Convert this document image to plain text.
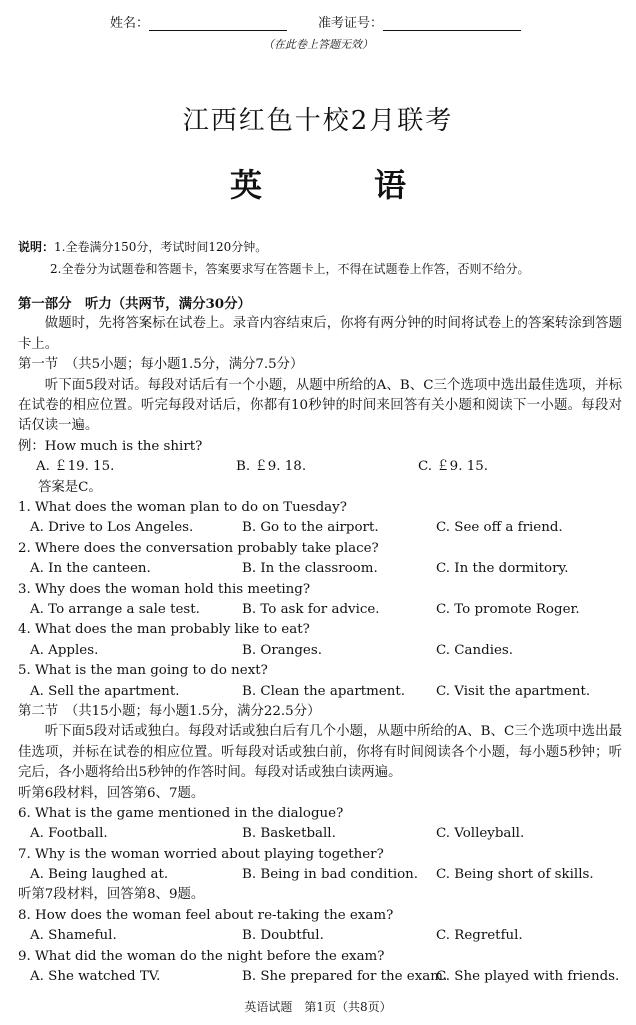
姓名：	准考证号：
（在此卷上答题无效）
江西红色十校2月联考
英　语
说明：1.全卷满分150分，考试时间120分钟。
2.全卷分为试题卷和答题卡，答案要求写在答题卡上，不得在试题卷上作答，否则不给分。
第一部分　听力（共两节，满分30分）
做题时，先将答案标在试卷上。录音内容结束后，你将有两分钟的时间将试卷上的答案转涂到答题卡上。
第一节　（共5小题；每小题1.5分，满分7.5分）
听下面5段对话。每段对话后有一个小题，从题中所给的A、B、C三个选项中选出最佳选项，并标在试卷的相应位置。听完每段对话后，你都有10秒钟的时间来回答有关小题和阅读下一小题。每段对话仅读一遍。
例：How much is the shirt?
A. ￡19. 15.	B. ￡9. 18.	C. ￡9. 15.
答案是C。
1. What does the woman plan to do on Tuesday?
A. Drive to Los Angeles.	B. Go to the airport.	C. See off a friend.
2. Where does the conversation probably take place?
A. In the canteen.	B. In the classroom.	C. In the dormitory.
3. Why does the woman hold this meeting?
A. To arrange a sale test.	B. To ask for advice.	C. To promote Roger.
4. What does the man probably like to eat?
A. Apples.	B. Oranges.	C. Candies.
5. What is the man going to do next?
A. Sell the apartment.	B. Clean the apartment. C. Visit the apartment.
第二节　（共15小题；每小题1.5分，满分22.5分）
听下面5段对话或独白。每段对话或独白后有几个小题，从题中所给的A、B、C三个选项中选出最佳选项，并标在试卷的相应位置。听每段对话或独白前，你将有时间阅读各个小题，每小题5秒钟；听完后，各小题将给出5秒钟的作答时间。每段对话或独白读两遍。
听第6段材料，回答第6、7题。
6. What is the game mentioned in the dialogue?
A. Football.	B. Basketball.	C. Volleyball.
7. Why is the woman worried about playing together?
A. Being laughed at.	B. Being in bad condition. C. Being short of skills.
听第7段材料，回答第8、9题。
8. How does the woman feel about re-taking the exam?
A. Shameful.	B. Doubtful.	C. Regretful.
9. What did the woman do the night before the exam?
A. She watched TV.	B. She prepared for the exam.
C. She played with friends.
英语试题　第1页（共8页）
